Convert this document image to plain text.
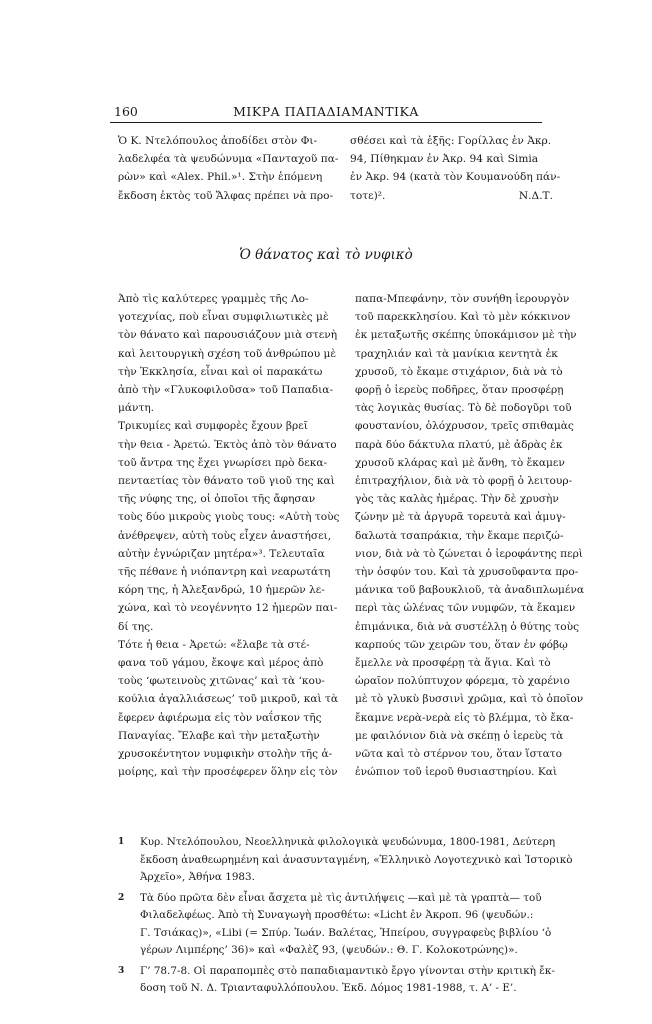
160	ΜΙΚΡΑ ΠΑΠΑΔΙΑΜΑΝΤΙΚΑ
Ὁ Κ. Ντελόπουλος ἀποδίδει στὸν Φι-
λαδελφέα τὰ ψευδώνυμα «Πανταχοῦ πα-
ρὼν» καὶ «Alex. Phil.»¹. Στὴν ἑπόμενη
ἔκδοση ἐκτὸς τοῦ Ἄλφας πρέπει νὰ προ-
σθέσει καὶ τὰ ἑξῆς: Γορίλλας ἐν Ἀκρ.
94, Πίθηκμαν ἐν Ἀκρ. 94 καὶ Simia
ἐν Ἀκρ. 94 (κατὰ τὸν Κουμανούδη πάν-
τοτε)².	Ν.Δ.Τ.
Ὁ θάνατος καὶ τὸ νυφικὸ
Ἀπὸ τὶς καλύτερες γραμμὲς τῆς Λο-
γοτεχνίας, ποὺ εἶναι συμφιλιωτικὲς μὲ
τὸν θάνατο καὶ παρουσιάζουν μιὰ στενὴ
καὶ λειτουργικὴ σχέση τοῦ ἀνθρώπου μὲ
τὴν Ἐκκλησία, εἶναι καὶ οἱ παρακάτω
ἀπὸ τὴν «Γλυκοφιλοῦσα» τοῦ Παπαδια-
μάντη.
Τρικυμίες καὶ συμφορὲς ἔχουν βρεῖ
τὴν θεια - Ἀρετώ. Ἐκτὸς ἀπὸ τὸν θάνατο
τοῦ ἄντρα της ἔχει γνωρίσει πρὸ δεκα-
πενταετίας τὸν θάνατο τοῦ γιοῦ της καὶ
τῆς νύφης της, οἱ ὁποῖοι τῆς ἄφησαν
τοὺς δύο μικροὺς γιοὺς τους: «Αὐτὴ τοὺς
ἀνέθρεψεν, αὐτὴ τοὺς εἶχεν ἀναστήσει,
αὐτὴν ἐγνώριζαν μητέρα»³. Τελευταῖα
τῆς πέθανε ἡ νιόπαντρη καὶ νεαρωτάτη
κόρη της, ἡ Ἀλεξανδρώ, 10 ἡμερῶν λε-
χώνα, καὶ τὸ νεογέννητο 12 ἡμερῶν παι-
δί της.
Τότε ἡ θεια - Ἀρετώ: «ἔλαβε τὰ στέ-
φανα τοῦ γάμου, ἔκοψε καὶ μέρος ἀπὸ
τοὺς ‘φωτεινοὺς χιτῶνας’ καὶ τὰ ‘κου-
κούλια ἀγαλλιάσεως’ τοῦ μικροῦ, καὶ τὰ
ἔφερεν ἀφιέρωμα εἰς τὸν ναΐσκον τῆς
Παναγίας. Ἔλαβε καὶ τὴν μεταξωτὴν
χρυσοκέντητον νυμφικὴν στολὴν τῆς ἀ-
μοίρης, καὶ τὴν προσέφερεν ὅλην εἰς τὸν
παπα-Μπεφάνην, τὸν συνήθη ἱερουργὸν
τοῦ παρεκκλησίου. Καὶ τὸ μὲν κόκκινον
ἐκ μεταξωτῆς σκέπης ὑποκάμισον μὲ τὴν
τραχηλιάν καὶ τὰ μανίκια κεντητὰ ἐκ
χρυσοῦ, τὸ ἔκαμε στιχάριον, διὰ νὰ τὸ
φορῇ ὁ ἱερεὺς ποδῆρες, ὅταν προσφέρῃ
τὰς λογικὰς θυσίας. Τὸ δὲ ποδογῦρι τοῦ
φουστανίου, ὁλόχρυσον, τρεῖς σπιθαμὰς
παρὰ δύο δάκτυλα πλατύ, μὲ ἀδρὰς ἐκ
χρυσοῦ κλάρας καὶ μὲ ἄνθη, τὸ ἔκαμεν
ἐπιτραχήλιον, διὰ νὰ τὸ φορῇ ὁ λειτουρ-
γὸς τὰς καλὰς ἡμέρας. Τὴν δὲ χρυσὴν
ζώνην μὲ τὰ ἀργυρᾶ τορευτὰ καὶ ἀμυγ-
δαλωτὰ τσαπράκια, τὴν ἔκαμε περιζώ-
νιον, διὰ νὰ τὸ ζώνεται ὁ ἱεροφάντης περὶ
τὴν ὀσφύν του. Καὶ τὰ χρυσοῦφαντα προ-
μάνικα τοῦ βαβουκλιοῦ, τὰ ἀναδιπλωμένα
περὶ τὰς ὠλένας τῶν νυμφῶν, τὰ ἔκαμεν
ἐπιμάνικα, διὰ νὰ συστέλλῃ ὁ θύτης τοὺς
καρπούς τῶν χειρῶν του, ὅταν ἐν φόβῳ
ἔμελλε νὰ προσφέρῃ τὰ ἅγια. Καὶ τὸ
ὡραῖον πολύπτυχον φόρεμα, τὸ χαρένιο
μὲ τὸ γλυκὺ βυσσινὶ χρῶμα, καὶ τὸ ὁποῖον
ἔκαμνε νερὰ-νερὰ εἰς τὸ βλέμμα, τὸ ἔκα-
με φαιλόνιον διὰ νὰ σκέπῃ ὁ ἱερεὺς τὰ
νῶτα καὶ τὸ στέρνον του, ὅταν ἵστατο
ἐνώπιον τοῦ ἱεροῦ θυσιαστηρίου. Καὶ
1 Κυρ. Ντελόπουλου, Νεοελληνικὰ φιλολογικὰ ψευδώνυμα, 1800-1981, Δεύτερη
ἔκδοση ἀναθεωρημένη καὶ ἀνασυνταγμένη, «Ἑλληνικὸ Λογοτεχνικὸ καὶ Ἱστορικὸ
Ἀρχεῖο», Ἀθήνα 1983.
2 Τὰ δύο πρῶτα δὲν εἶναι ἄσχετα μὲ τὶς ἀντιλήψεις —καὶ μὲ τὰ γραπτὰ— τοῦ
Φιλαδελφέως. Ἀπὸ τὴ Συναγωγὴ προσθέτω: «Licht ἐν Ἀκροπ. 96 (ψευδών.:
Γ. Τσιάκας)», «Libi (= Σπύρ. Ἰωάν. Βαλέτας, Ἠπείρου, συγγραφεὺς βιβλίου ‘ὁ
γέρων Λιμπέρης’ 36)» καὶ «Φαλὲζ 93, (ψευδών.: Θ. Γ. Κολοκοτρώνης)».
3 Γ’ 78.7-8. Οἱ παραπομπὲς στὸ παπαδιαμαντικὸ ἔργο γίνονται στὴν κριτικὴ ἔκ-
δοση τοῦ Ν. Δ. Τριανταφυλλόπουλου. Ἐκδ. Δόμος 1981-1988, τ. Α’ - Ε’.
